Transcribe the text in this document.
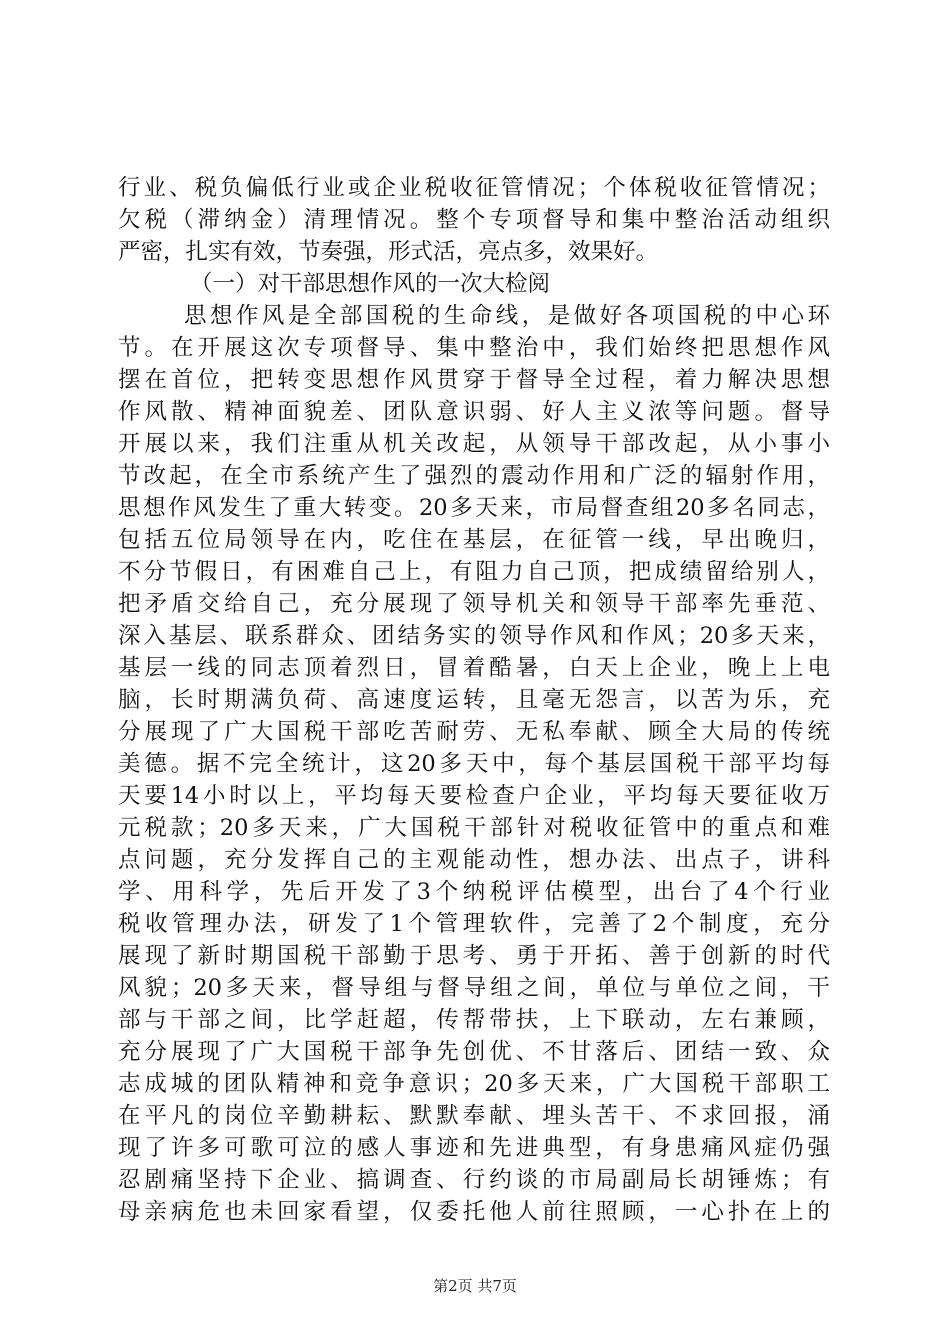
行业、税负偏低行业或企业税收征管情况；个体税收征管情况；
欠税（滞纳金）清理情况。整个专项督导和集中整治活动组织
严密，扎实有效，节奏强，形式活，亮点多，效果好。
（一）对干部思想作风的一次大检阅
思想作风是全部国税的生命线，是做好各项国税的中心环
节。在开展这次专项督导、集中整治中，我们始终把思想作风
摆在首位，把转变思想作风贯穿于督导全过程，着力解决思想
作风散、精神面貌差、团队意识弱、好人主义浓等问题。督导
开展以来，我们注重从机关改起，从领导干部改起，从小事小
节改起，在全市系统产生了强烈的震动作用和广泛的辐射作用，
思想作风发生了重大转变。20多天来，市局督查组20多名同志，
包括五位局领导在内，吃住在基层，在征管一线，早出晚归，
不分节假日，有困难自己上，有阻力自己顶，把成绩留给别人，
把矛盾交给自己，充分展现了领导机关和领导干部率先垂范、
深入基层、联系群众、团结务实的领导作风和作风；20多天来，
基层一线的同志顶着烈日，冒着酷暑，白天上企业，晚上上电
脑，长时期满负荷、高速度运转，且毫无怨言，以苦为乐，充
分展现了广大国税干部吃苦耐劳、无私奉献、顾全大局的传统
美德。据不完全统计，这20多天中，每个基层国税干部平均每
天要14小时以上，平均每天要检查户企业，平均每天要征收万
元税款；20多天来，广大国税干部针对税收征管中的重点和难
点问题，充分发挥自己的主观能动性，想办法、出点子，讲科
学、用科学，先后开发了3个纳税评估模型，出台了4个行业
税收管理办法，研发了1个管理软件，完善了2个制度，充分
展现了新时期国税干部勤于思考、勇于开拓、善于创新的时代
风貌；20多天来，督导组与督导组之间，单位与单位之间，干
部与干部之间，比学赶超，传帮带扶，上下联动，左右兼顾，
充分展现了广大国税干部争先创优、不甘落后、团结一致、众
志成城的团队精神和竞争意识；20多天来，广大国税干部职工
在平凡的岗位辛勤耕耘、默默奉献、埋头苦干、不求回报，涌
现了许多可歌可泣的感人事迹和先进典型，有身患痛风症仍强
忍剧痛坚持下企业、搞调查、行约谈的市局副局长胡锤炼；有
母亲病危也未回家看望，仅委托他人前往照顾，一心扑在上的
第2页 共7页
